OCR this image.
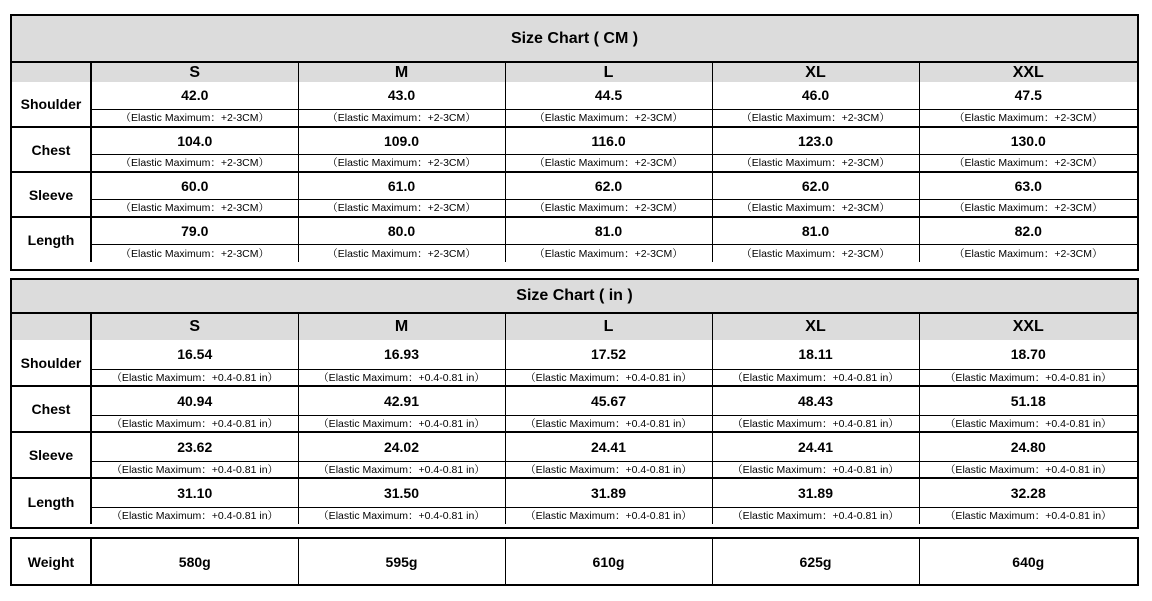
Size Chart ( CM )					
	S	M	L	XL	XXL
Shoulder	42.0	43.0	44.5	46.0	47.5
	（Elastic Maximum：+2-3CM）	（Elastic Maximum：+2-3CM）	（Elastic Maximum：+2-3CM）	（Elastic Maximum：+2-3CM）	（Elastic Maximum：+2-3CM）
Chest	104.0	109.0	116.0	123.0	130.0
	（Elastic Maximum：+2-3CM）	（Elastic Maximum：+2-3CM）	（Elastic Maximum：+2-3CM）	（Elastic Maximum：+2-3CM）	（Elastic Maximum：+2-3CM）
Sleeve	60.0	61.0	62.0	62.0	63.0
	（Elastic Maximum：+2-3CM）	（Elastic Maximum：+2-3CM）	（Elastic Maximum：+2-3CM）	（Elastic Maximum：+2-3CM）	（Elastic Maximum：+2-3CM）
Length	79.0	80.0	81.0	81.0	82.0
	（Elastic Maximum：+2-3CM）	（Elastic Maximum：+2-3CM）	（Elastic Maximum：+2-3CM）	（Elastic Maximum：+2-3CM）	（Elastic Maximum：+2-3CM）
Size Chart ( in )					
	S	M	L	XL	XXL
Shoulder	16.54	16.93	17.52	18.11	18.70
	（Elastic Maximum：+0.4-0.81 in）	（Elastic Maximum：+0.4-0.81 in）	（Elastic Maximum：+0.4-0.81 in）	（Elastic Maximum：+0.4-0.81 in）	（Elastic Maximum：+0.4-0.81 in）
Chest	40.94	42.91	45.67	48.43	51.18
	（Elastic Maximum：+0.4-0.81 in）	（Elastic Maximum：+0.4-0.81 in）	（Elastic Maximum：+0.4-0.81 in）	（Elastic Maximum：+0.4-0.81 in）	（Elastic Maximum：+0.4-0.81 in）
Sleeve	23.62	24.02	24.41	24.41	24.80
	（Elastic Maximum：+0.4-0.81 in）	（Elastic Maximum：+0.4-0.81 in）	（Elastic Maximum：+0.4-0.81 in）	（Elastic Maximum：+0.4-0.81 in）	（Elastic Maximum：+0.4-0.81 in）
Length	31.10	31.50	31.89	31.89	32.28
	（Elastic Maximum：+0.4-0.81 in）	（Elastic Maximum：+0.4-0.81 in）	（Elastic Maximum：+0.4-0.81 in）	（Elastic Maximum：+0.4-0.81 in）	（Elastic Maximum：+0.4-0.81 in）
Weight	580g	595g	610g	625g	640g
